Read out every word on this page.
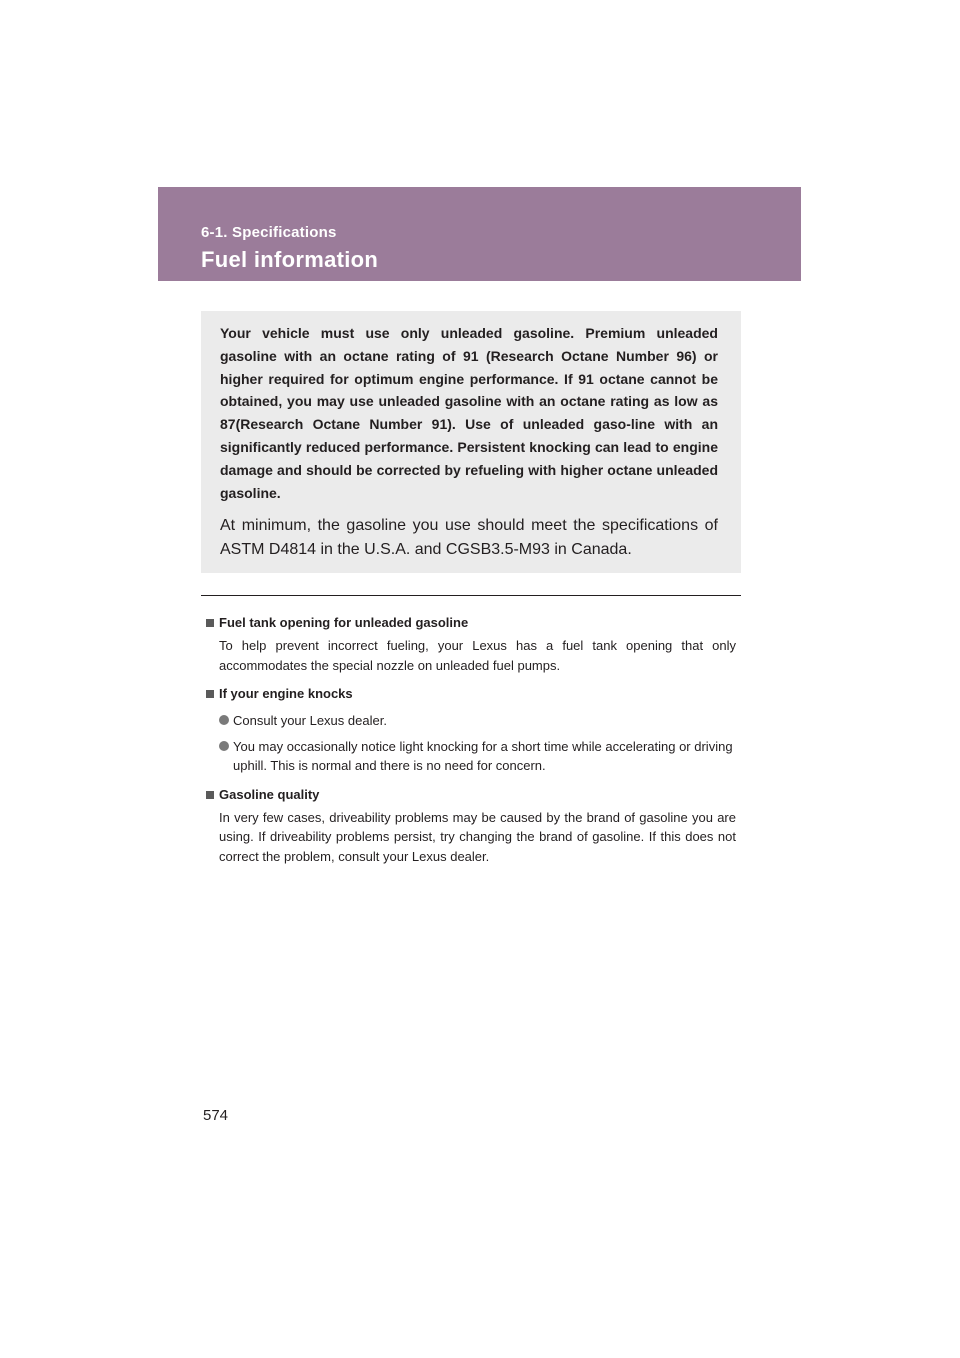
6-1. Specifications
Fuel information

Your vehicle must use only unleaded gasoline. Premium unleaded gasoline with an octane rating of 91 (Research Octane Number 96) or higher required for optimum engine performance. If 91 octane cannot be obtained, you may use unleaded gasoline with an octane rating as low as 87(Research Octane Number 91). Use of unleaded gaso-line with an significantly reduced performance. Persistent knocking can lead to engine damage and should be corrected by refueling with higher octane unleaded gasoline.

At minimum, the gasoline you use should meet the specifications of ASTM D4814 in the U.S.A. and CGSB3.5-M93 in Canada.

Fuel tank opening for unleaded gasoline
To help prevent incorrect fueling, your Lexus has a fuel tank opening that only accommodates the special nozzle on unleaded fuel pumps.
If your engine knocks
Consult your Lexus dealer.
You may occasionally notice light knocking for a short time while accelerating or driving uphill. This is normal and there is no need for concern.
Gasoline quality
In very few cases, driveability problems may be caused by the brand of gasoline you are using. If driveability problems persist, try changing the brand of gasoline. If this does not correct the problem, consult your Lexus dealer.
574
